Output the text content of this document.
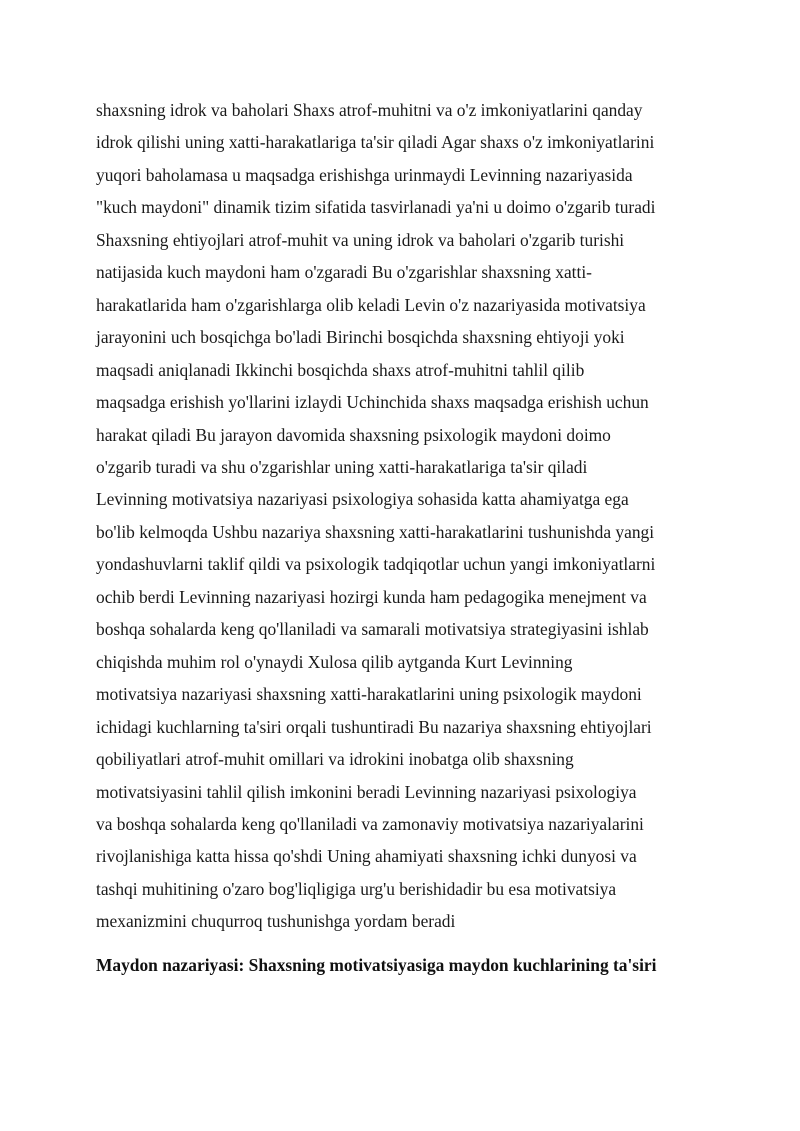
shaxsning idrok va baholari Shaxs atrof-muhitni va o'z imkoniyatlarini qanday
idrok qilishi uning xatti-harakatlariga ta'sir qiladi Agar shaxs o'z imkoniyatlarini
yuqori baholamasa u maqsadga erishishga urinmaydi Levinning nazariyasida
"kuch maydoni" dinamik tizim sifatida tasvirlanadi ya'ni u doimo o'zgarib turadi
Shaxsning ehtiyojlari atrof-muhit va uning idrok va baholari o'zgarib turishi
natijasida kuch maydoni ham o'zgaradi Bu o'zgarishlar shaxsning xatti-
harakatlarida ham o'zgarishlarga olib keladi Levin o'z nazariyasida motivatsiya
jarayonini uch bosqichga bo'ladi Birinchi bosqichda shaxsning ehtiyoji yoki
maqsadi aniqlanadi Ikkinchi bosqichda shaxs atrof-muhitni tahlil qilib
maqsadga erishish yo'llarini izlaydi Uchinchida shaxs maqsadga erishish uchun
harakat qiladi Bu jarayon davomida shaxsning psixologik maydoni doimo
o'zgarib turadi va shu o'zgarishlar uning xatti-harakatlariga ta'sir qiladi
Levinning motivatsiya nazariyasi psixologiya sohasida katta ahamiyatga ega
bo'lib kelmoqda Ushbu nazariya shaxsning xatti-harakatlarini tushunishda yangi
yondashuvlarni taklif qildi va psixologik tadqiqotlar uchun yangi imkoniyatlarni
ochib berdi Levinning nazariyasi hozirgi kunda ham pedagogika menejment va
boshqa sohalarda keng qo'llaniladi va samarali motivatsiya strategiyasini ishlab
chiqishda muhim rol o'ynaydi Xulosa qilib aytganda Kurt Levinning
motivatsiya nazariyasi shaxsning xatti-harakatlarini uning psixologik maydoni
ichidagi kuchlarning ta'siri orqali tushuntiradi Bu nazariya shaxsning ehtiyojlari
qobiliyatlari atrof-muhit omillari va idrokini inobatga olib shaxsning
motivatsiyasini tahlil qilish imkonini beradi Levinning nazariyasi psixologiya
va boshqa sohalarda keng qo'llaniladi va zamonaviy motivatsiya nazariyalarini
rivojlanishiga katta hissa qo'shdi Uning ahamiyati shaxsning ichki dunyosi va
tashqi muhitining o'zaro bog'liqligiga urg'u berishidadir bu esa motivatsiya
mexanizmini chuqurroq tushunishga yordam beradi

Maydon nazariyasi: Shaxsning motivatsiyasiga maydon kuchlarining ta'siri
